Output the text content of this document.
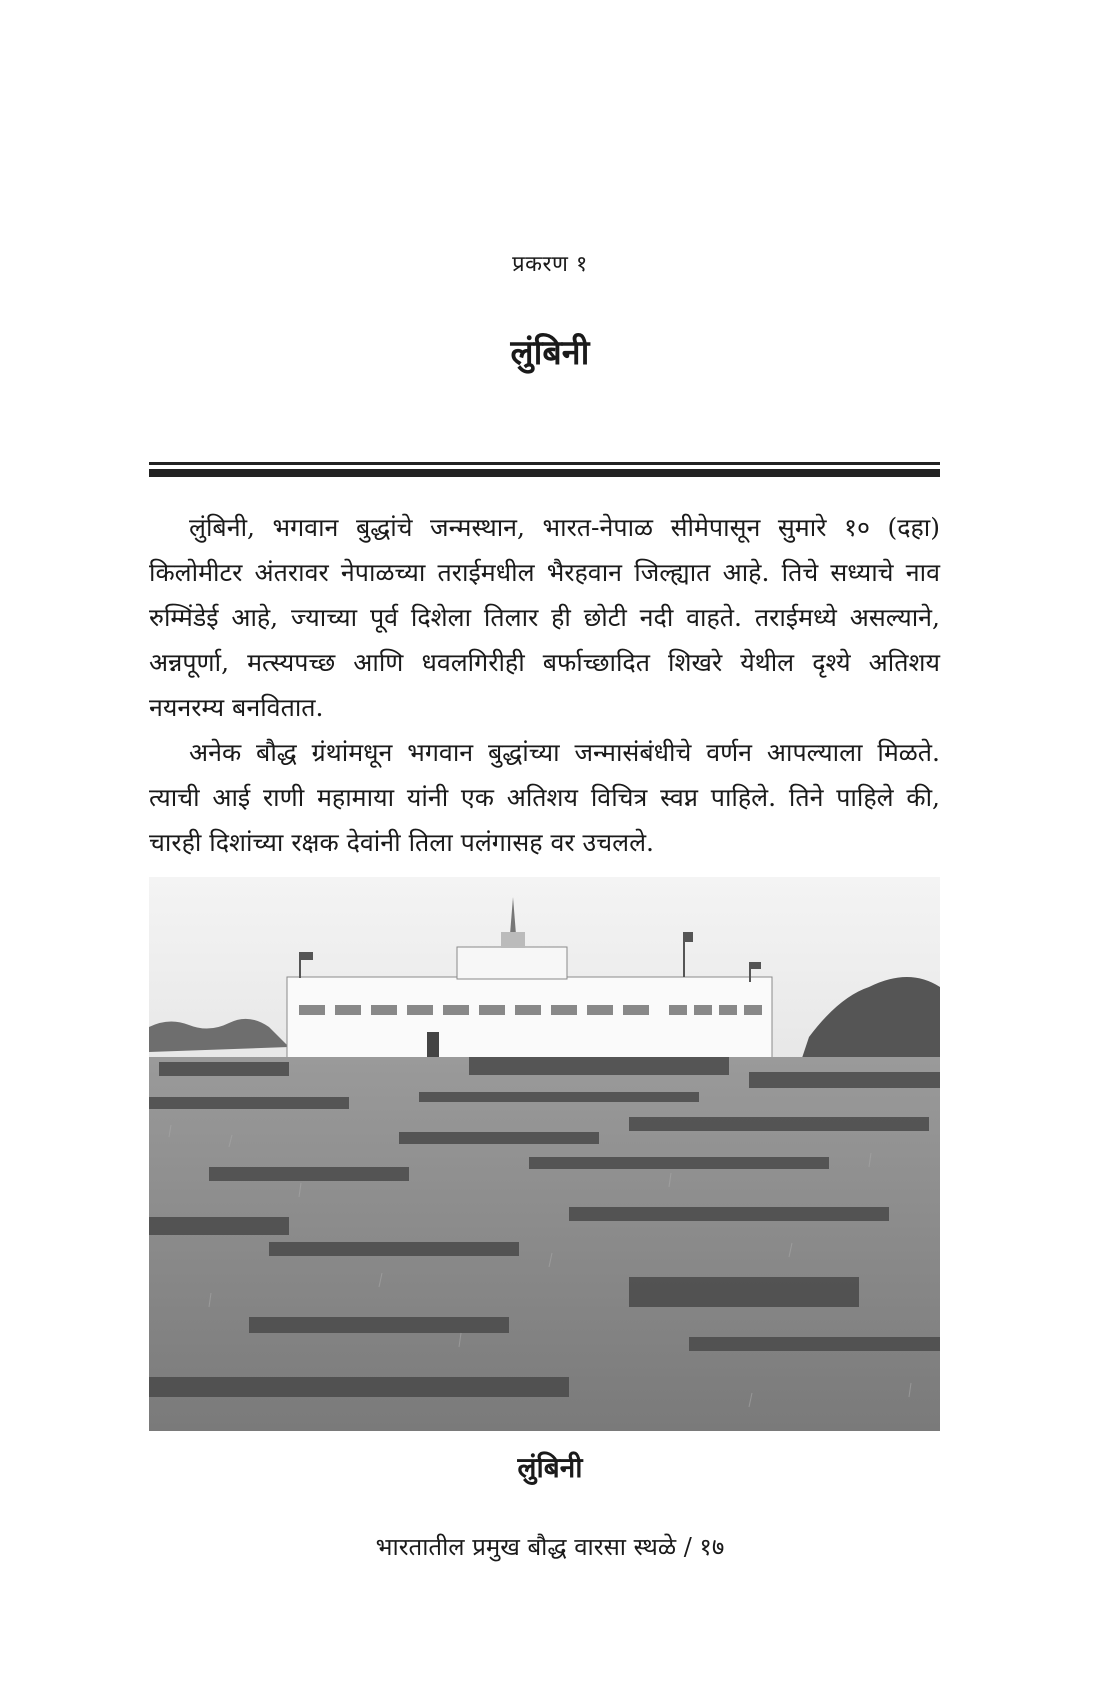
प्रकरण १
लुंबिनी

लुंबिनी, भगवान बुद्धांचे जन्मस्थान, भारत-नेपाळ सीमेपासून सुमारे १० (दहा) किलोमीटर अंतरावर नेपाळच्या तराईमधील भैरहवान जिल्ह्यात आहे. तिचे सध्याचे नाव रुम्मिंडेई आहे, ज्याच्या पूर्व दिशेला तिलार ही छोटी नदी वाहते. तराईमध्ये असल्याने, अन्नपूर्णा, मत्स्यपच्छ आणि धवलगिरीही बर्फाच्छादित शिखरे येथील दृश्ये अतिशय नयनरम्य बनवितात.

अनेक बौद्ध ग्रंथांमधून भगवान बुद्धांच्या जन्मासंबंधीचे वर्णन आपल्याला मिळते. त्याची आई राणी महामाया यांनी एक अतिशय विचित्र स्वप्न पाहिले. तिने पाहिले की, चारही दिशांच्या रक्षक देवांनी तिला पलंगासह वर उचलले.

लुंबिनी
भारतातील प्रमुख बौद्ध वारसा स्थळे / १७
